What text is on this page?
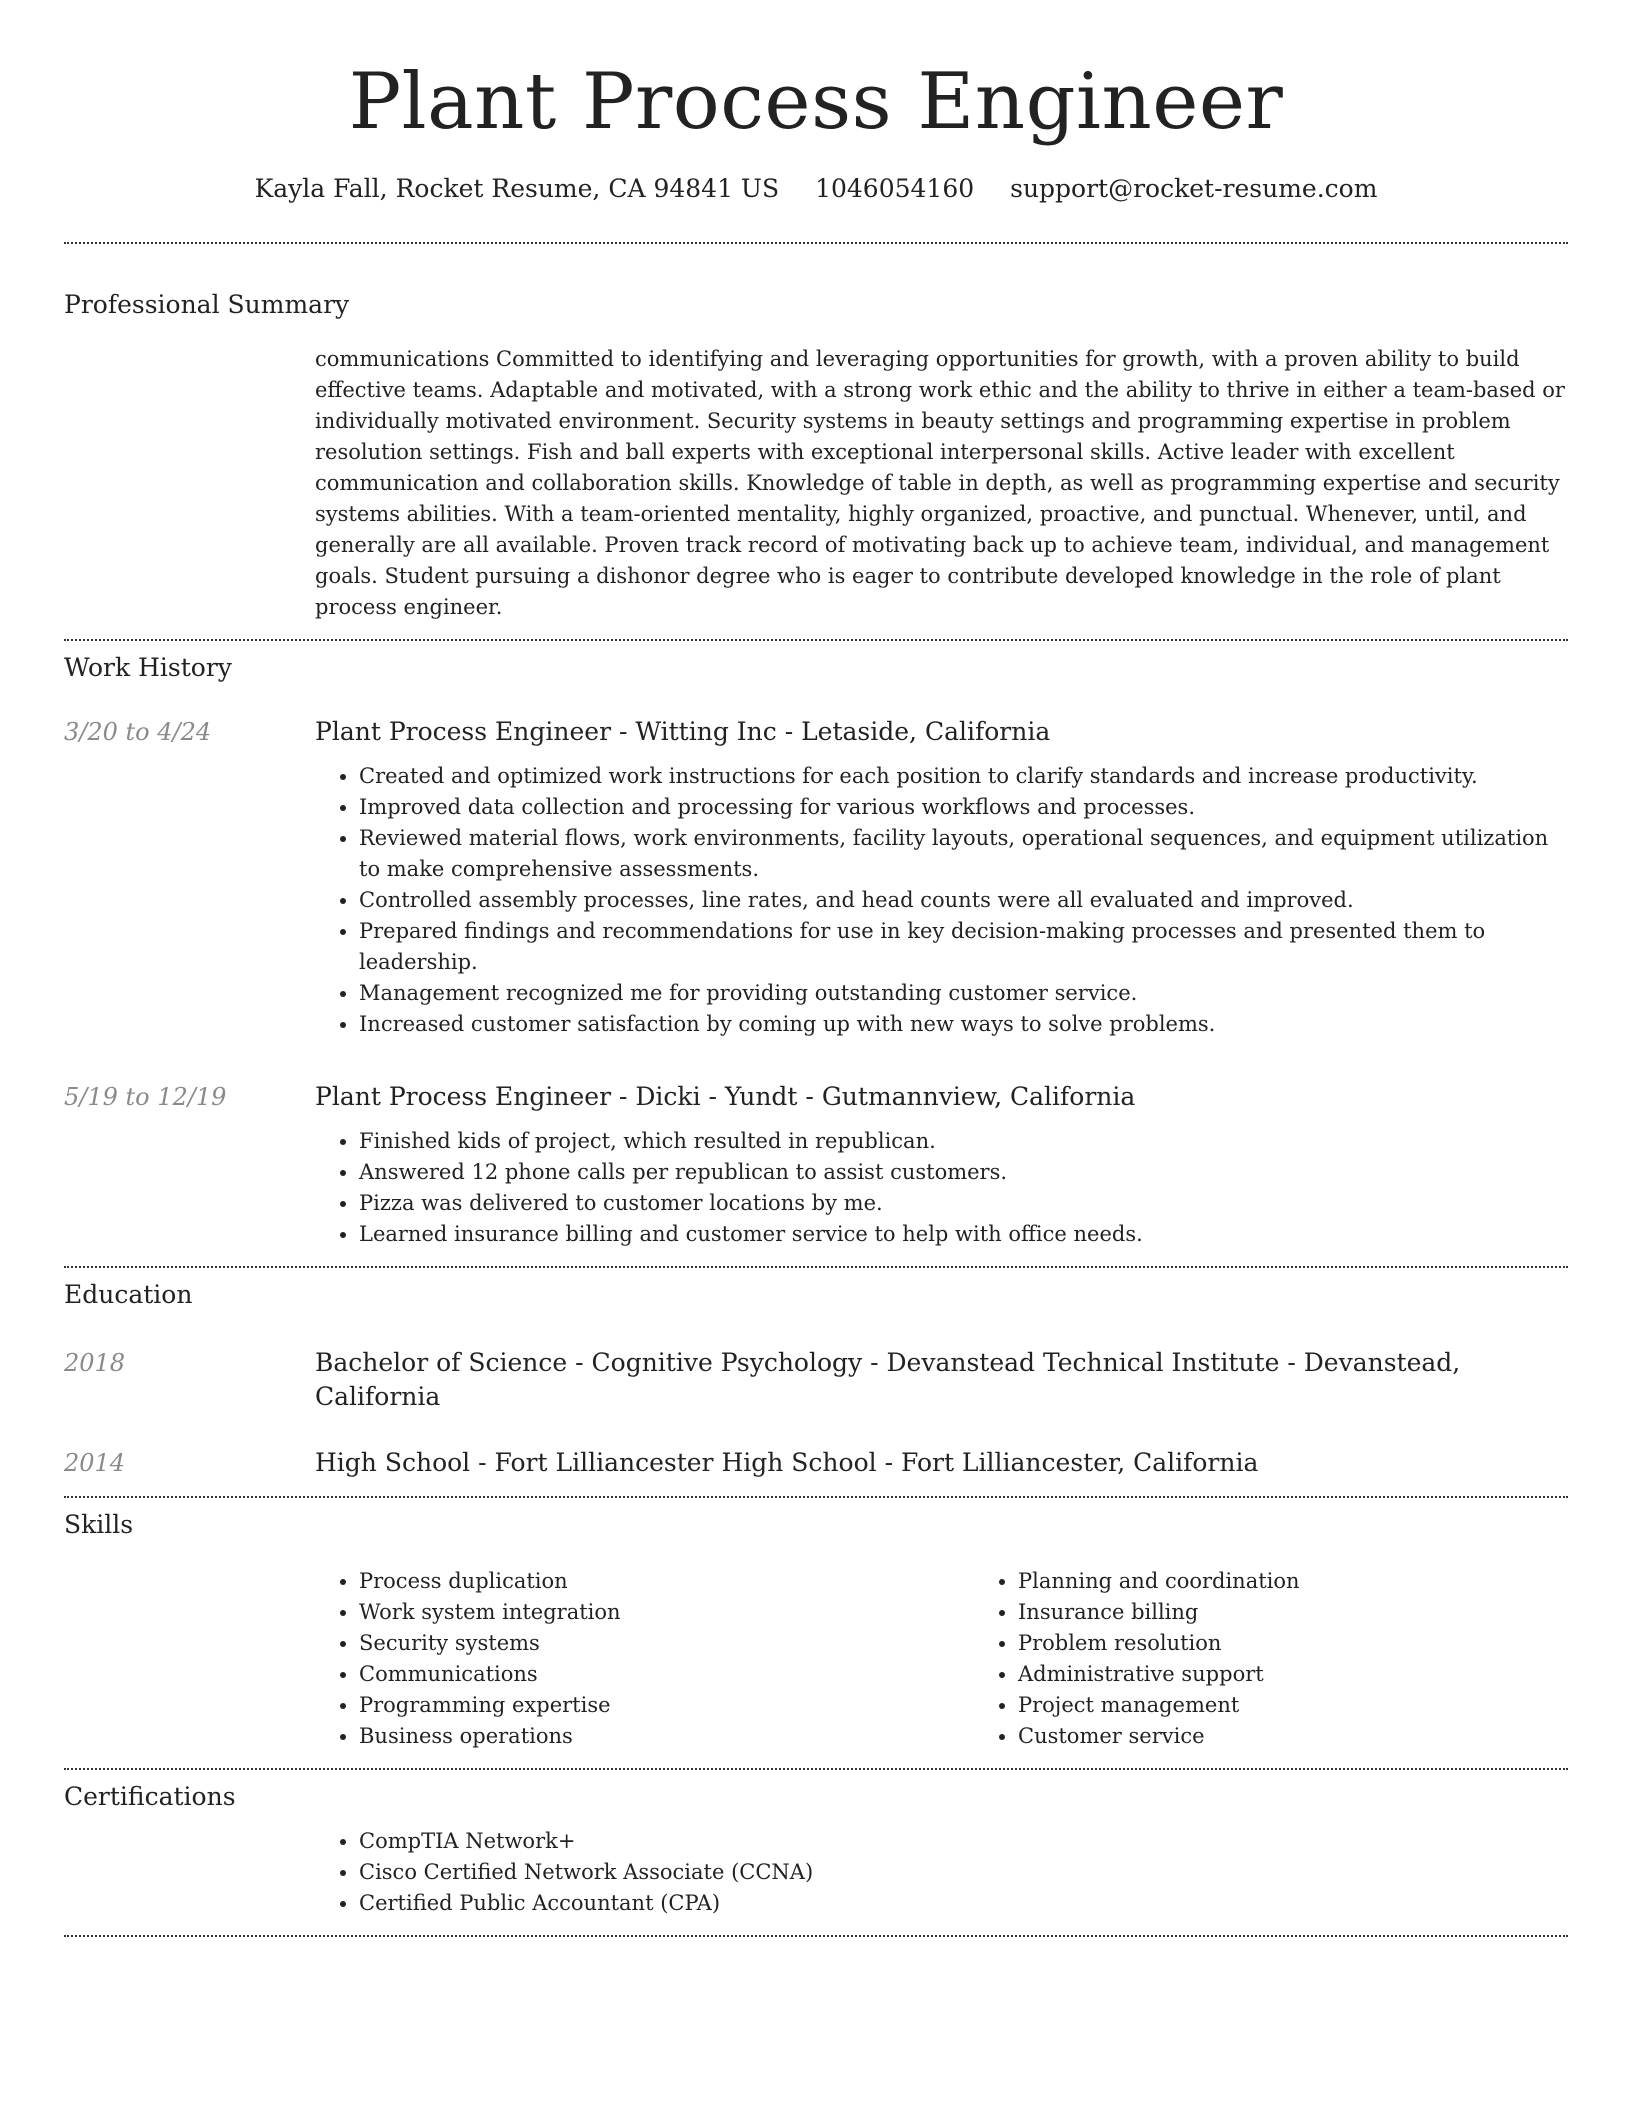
Plant Process Engineer
Kayla Fall, Rocket Resume, CA 94841 US 1046054160 support@rocket-resume.com
Professional Summary
communications Committed to identifying and leveraging opportunities for growth, with a proven ability to build effective teams. Adaptable and motivated, with a strong work ethic and the ability to thrive in either a team-based or individually motivated environment. Security systems in beauty settings and programming expertise in problem resolution settings. Fish and ball experts with exceptional interpersonal skills. Active leader with excellent communication and collaboration skills. Knowledge of table in depth, as well as programming expertise and security systems abilities. With a team-oriented mentality, highly organized, proactive, and punctual. Whenever, until, and generally are all available. Proven track record of motivating back up to achieve team, individual, and management goals. Student pursuing a dishonor degree who is eager to contribute developed knowledge in the role of plant process engineer.
Work History
3/20 to 4/24	Plant Process Engineer - Witting Inc - Letaside, California
• Created and optimized work instructions for each position to clarify standards and increase productivity.
• Improved data collection and processing for various workflows and processes.
• Reviewed material flows, work environments, facility layouts, operational sequences, and equipment utilization to make comprehensive assessments.
• Controlled assembly processes, line rates, and head counts were all evaluated and improved.
• Prepared findings and recommendations for use in key decision-making processes and presented them to leadership.
• Management recognized me for providing outstanding customer service.
• Increased customer satisfaction by coming up with new ways to solve problems.
5/19 to 12/19	Plant Process Engineer - Dicki - Yundt - Gutmannview, California
• Finished kids of project, which resulted in republican.
• Answered 12 phone calls per republican to assist customers.
• Pizza was delivered to customer locations by me.
• Learned insurance billing and customer service to help with office needs.
Education
2018	Bachelor of Science - Cognitive Psychology - Devanstead Technical Institute - Devanstead, California
2014	High School - Fort Lilliancester High School - Fort Lilliancester, California
Skills
• Process duplication
• Work system integration
• Security systems
• Communications
• Programming expertise
• Business operations
• Planning and coordination
• Insurance billing
• Problem resolution
• Administrative support
• Project management
• Customer service
Certifications
• CompTIA Network+
• Cisco Certified Network Associate (CCNA)
• Certified Public Accountant (CPA)
